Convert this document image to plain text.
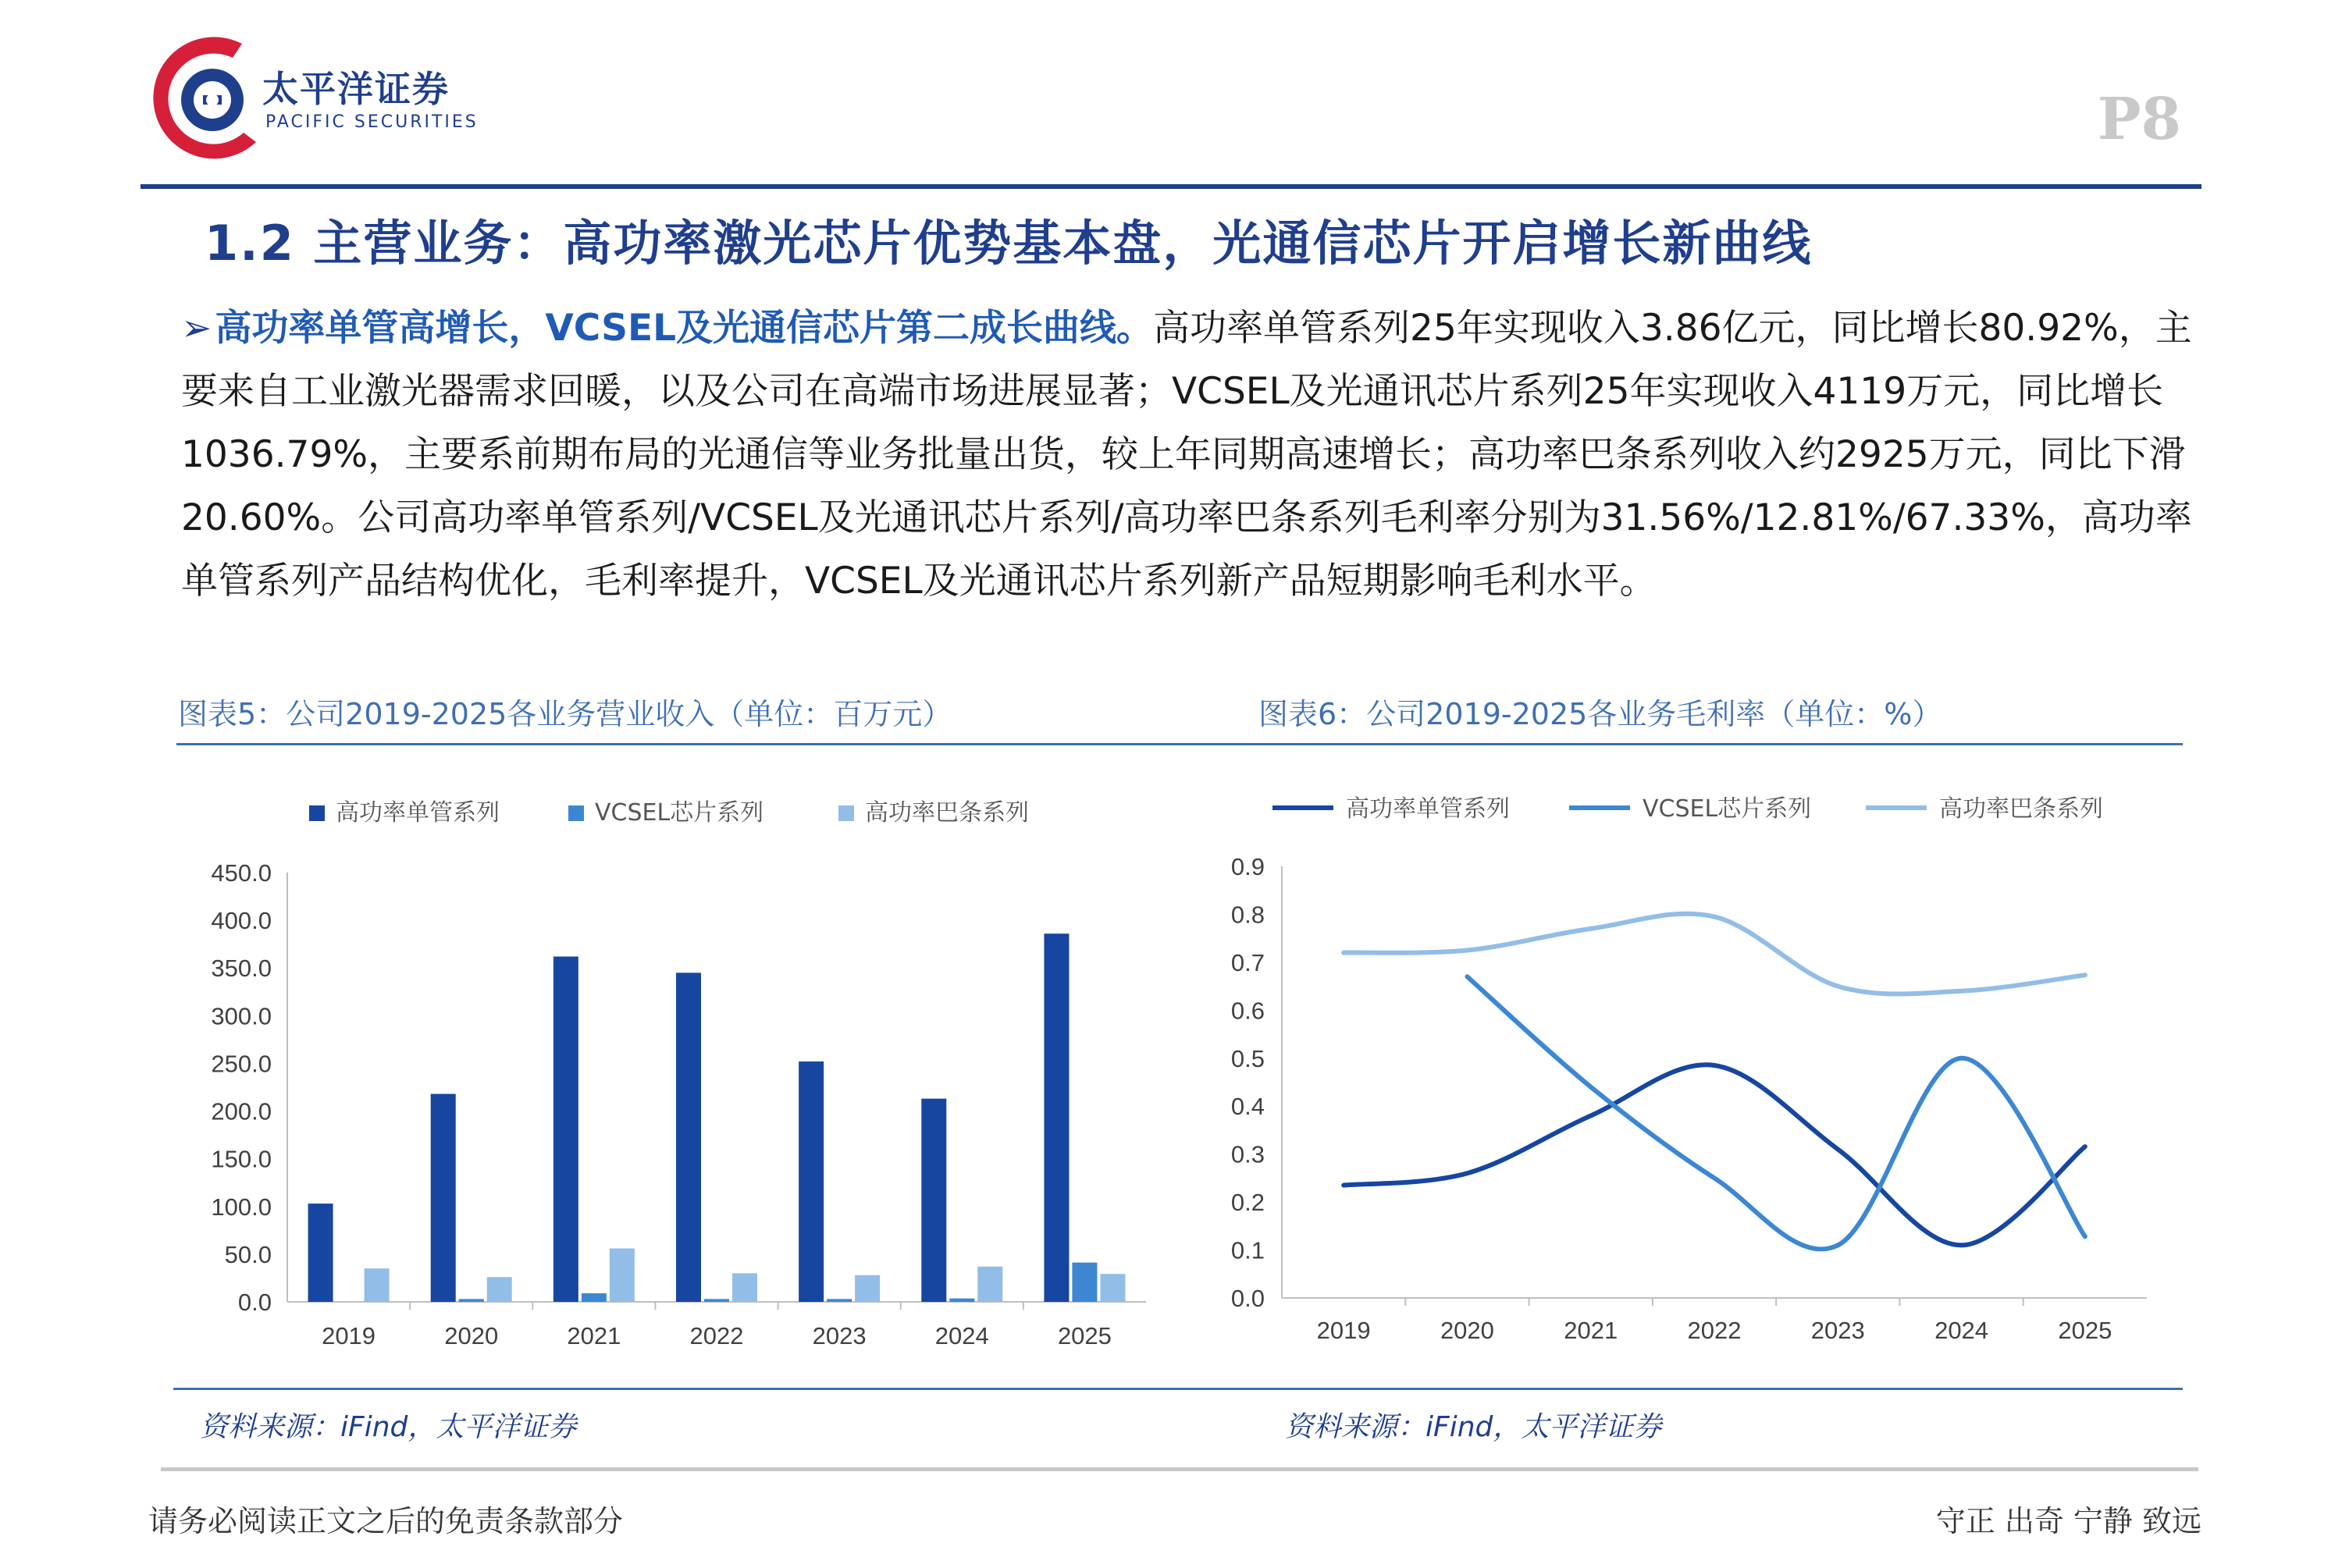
太平洋证券
PACIFIC SECURITIES	P8
1.2 主营业务：高功率激光芯片优势基本盘，光通信芯片开启增长新曲线
➢高功率单管高增长，VCSEL及光通信芯片第二成长曲线。高功率单管系列25年实现收入3.86亿元，同比增长80.92%，主要来自工业激光器需求回暖，以及公司在高端市场进展显著；VCSEL及光通讯芯片系列25年实现收入4119万元，同比增长1036.79%，主要系前期布局的光通信等业务批量出货，较上年同期高速增长；高功率巴条系列收入约2925万元，同比下滑20.60%。公司高功率单管系列/VCSEL及光通讯芯片系列/高功率巴条系列毛利率分别为31.56%/12.81%/67.33%，高功率单管系列产品结构优化，毛利率提升，VCSEL及光通讯芯片系列新产品短期影响毛利水平。
图表5：公司2019-2025各业务营业收入（单位：百万元）	图表6：公司2019-2025各业务毛利率（单位：%）
高功率单管系列	VCSEL芯片系列	高功率巴条系列
0.0
50.0
100.0
150.0
200.0
250.0
300.0
350.0
400.0
450.0
2019	2020	2021	2022	2023	2024	2025
高功率单管系列	VCSEL芯片系列	高功率巴条系列
0.0
0.1
0.2
0.3
0.4
0.5
0.6
0.7
0.8
0.9
2019	2020	2021	2022	2023	2024	2025
资料来源：iFind，太平洋证券	资料来源：iFind，太平洋证券
请务必阅读正文之后的免责条款部分	守正 出奇 宁静 致远
